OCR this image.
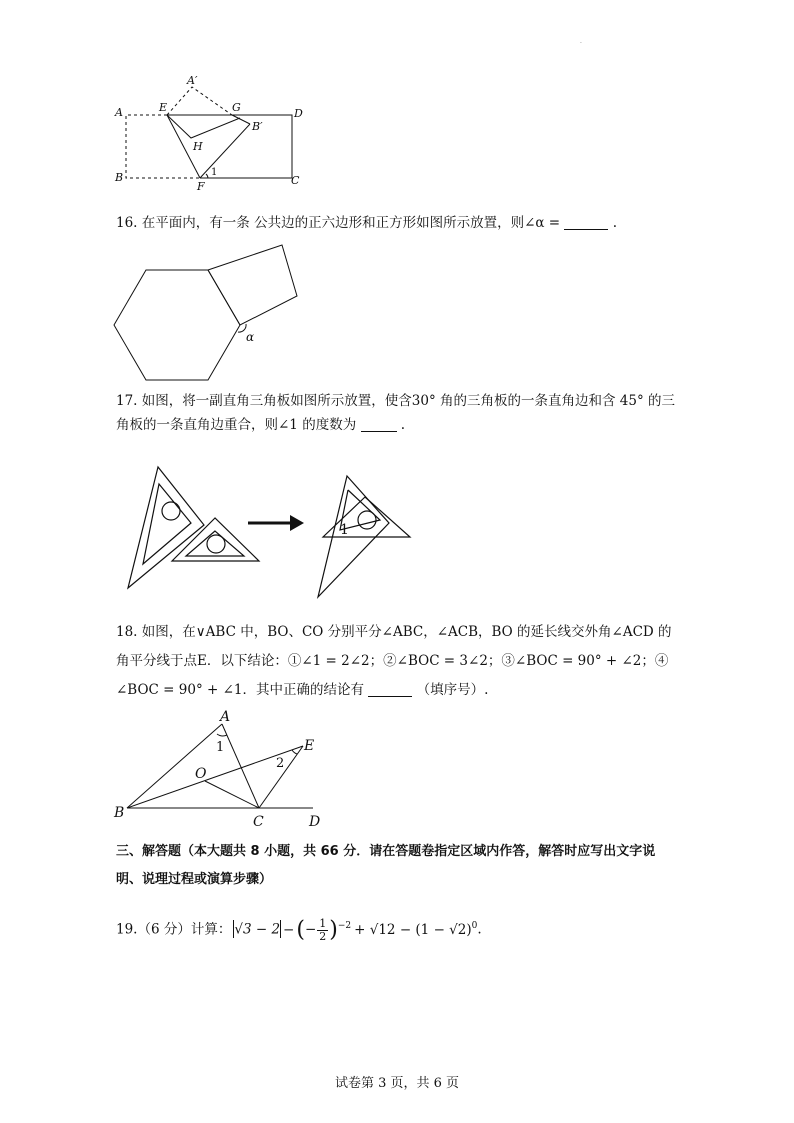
·
A
A′
E	G	D
B′
H
B
F
1
C
16. 在平面内，有一条 公共边的正六边形和正方形如图所示放置，则∠α =	.
α
17. 如图，将一副直角三角板如图所示放置，使含30° 角的三角板的一条直角边和含 45° 的三
角板的一条直角边重合，则∠1 的度数为	.
1
18. 如图，在∨ABC 中，BO、CO 分别平分∠ABC，∠ACB，BO 的延长线交外角∠ACD 的
角平分线于点E．以下结论：①∠1 = 2∠2；②∠BOC = 3∠2；③∠BOC = 90° + ∠2；④
∠BOC = 90° + ∠1．其中正确的结论有	（填序号）.
A
E
1
2
O
B
C	D
三、解答题（本大题共 8 小题，共 66 分．请在答题卷指定区域内作答，解答时应写出文字说
明、说理过程或演算步骤）
19.（6 分）计算： √3 − 2 −(− $\frac{1}{2} )^{-2} + √12 - (1 - √2)^0$.
试卷第 3 页，共 6 页
